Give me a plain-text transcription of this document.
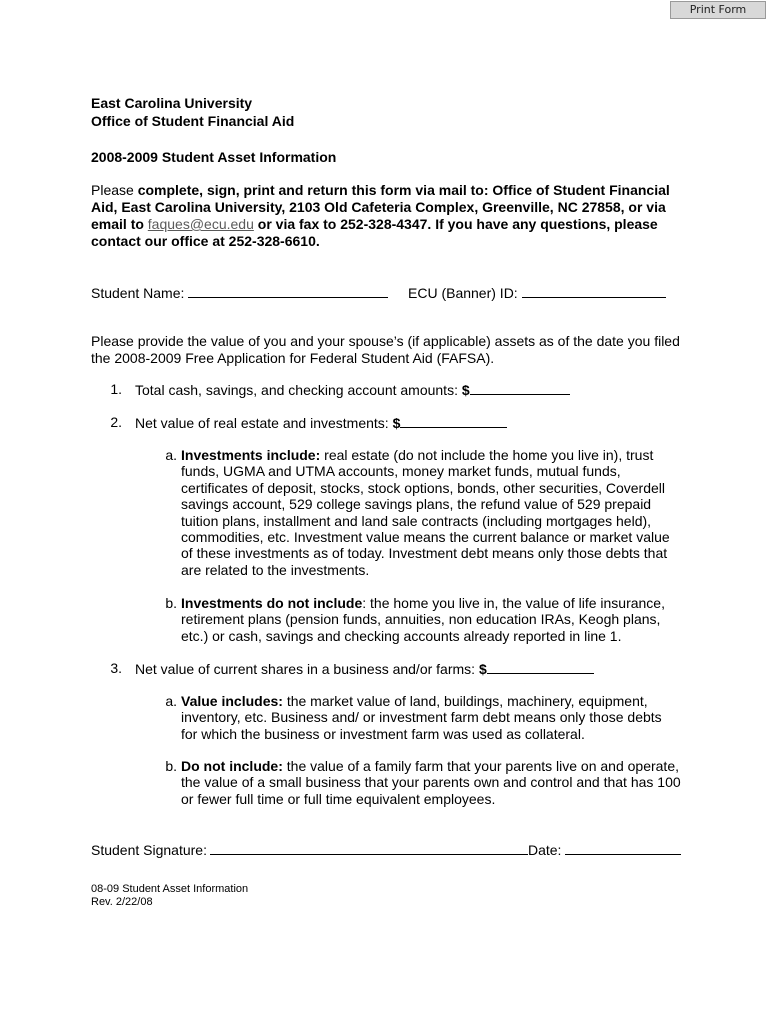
Print Form
East Carolina University
Office of Student Financial Aid
2008-2009 Student Asset Information
Please complete, sign, print and return this form via mail to: Office of Student Financial Aid, East Carolina University, 2103 Old Cafeteria Complex, Greenville, NC 27858, or via email to faques@ecu.edu or via fax to 252-328-4347. If you have any questions, please contact our office at 252-328-6610.
Student Name:	ECU (Banner) ID:
Please provide the value of you and your spouse’s (if applicable) assets as of the date you filed the 2008-2009 Free Application for Federal Student Aid (FAFSA).
1. Total cash, savings, and checking account amounts: $
2. Net value of real estate and investments: $
a. Investments include: real estate (do not include the home you live in), trust funds, UGMA and UTMA accounts, money market funds, mutual funds, certificates of deposit, stocks, stock options, bonds, other securities, Coverdell savings account, 529 college savings plans, the refund value of 529 prepaid tuition plans, installment and land sale contracts (including mortgages held), commodities, etc. Investment value means the current balance or market value of these investments as of today. Investment debt means only those debts that are related to the investments.
b. Investments do not include: the home you live in, the value of life insurance, retirement plans (pension funds, annuities, non education IRAs, Keogh plans, etc.) or cash, savings and checking accounts already reported in line 1.
3. Net value of current shares in a business and/or farms: $
a. Value includes: the market value of land, buildings, machinery, equipment, inventory, etc. Business and/ or investment farm debt means only those debts for which the business or investment farm was used as collateral.
b. Do not include: the value of a family farm that your parents live on and operate, the value of a small business that your parents own and control and that has 100 or fewer full time or full time equivalent employees.
Student Signature:	Date:
08-09 Student Asset Information
Rev. 2/22/08
